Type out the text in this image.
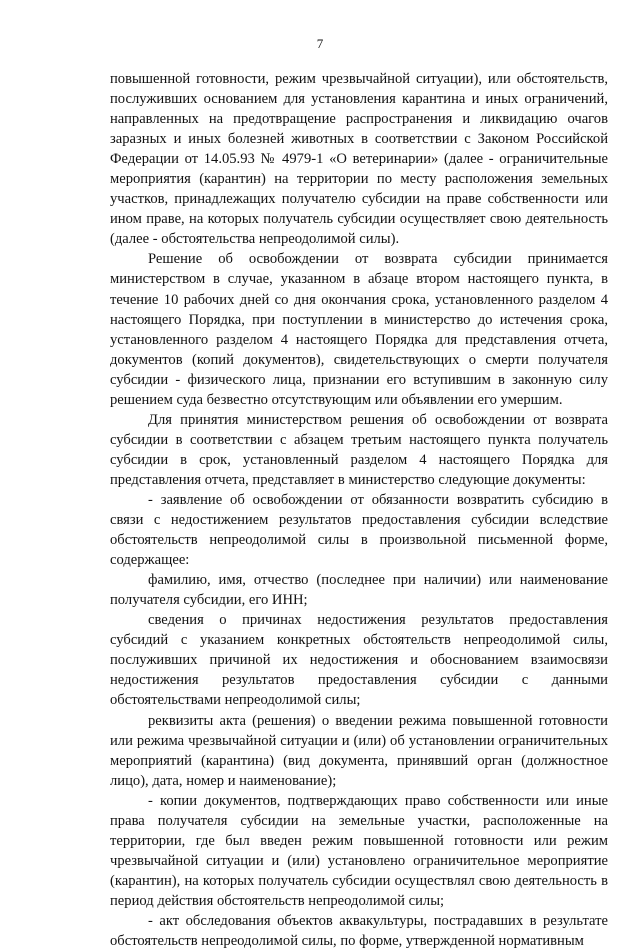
7

повышенной готовности, режим чрезвычайной ситуации), или обстоятельств, послуживших основанием для установления карантина и иных ограничений, направленных на предотвращение распространения и ликвидацию очагов заразных и иных болезней животных в соответствии с Законом Российской Федерации от 14.05.93 № 4979-1 «О ветеринарии» (далее - ограничительные мероприятия (карантин) на территории по месту расположения земельных участков, принадлежащих получателю субсидии на праве собственности или ином праве, на которых получатель субсидии осуществляет свою деятельность (далее - обстоятельства непреодолимой силы).

Решение об освобождении от возврата субсидии принимается министерством в случае, указанном в абзаце втором настоящего пункта, в течение 10 рабочих дней со дня окончания срока, установленного разделом 4 настоящего Порядка, при поступлении в министерство до истечения срока, установленного разделом 4 настоящего Порядка для представления отчета, документов (копий документов), свидетельствующих о смерти получателя субсидии - физического лица, признании его вступившим в законную силу решением суда безвестно отсутствующим или объявлении его умершим.

Для принятия министерством решения об освобождении от возврата субсидии в соответствии с абзацем третьим настоящего пункта получатель субсидии в срок, установленный разделом 4 настоящего Порядка для представления отчета, представляет в министерство следующие документы:

- заявление об освобождении от обязанности возвратить субсидию в связи с недостижением результатов предоставления субсидии вследствие обстоятельств непреодолимой силы в произвольной письменной форме, содержащее:

фамилию, имя, отчество (последнее при наличии) или наименование получателя субсидии, его ИНН;

сведения о причинах недостижения результатов предоставления субсидий с указанием конкретных обстоятельств непреодолимой силы, послуживших причиной их недостижения и обоснованием взаимосвязи недостижения результатов предоставления субсидии с данными обстоятельствами непреодолимой силы;

реквизиты акта (решения) о введении режима повышенной готовности или режима чрезвычайной ситуации и (или) об установлении ограничительных мероприятий (карантина) (вид документа, принявший орган (должностное лицо), дата, номер и наименование);

- копии документов, подтверждающих право собственности или иные права получателя субсидии на земельные участки, расположенные на территории, где был введен режим повышенной готовности или режим чрезвычайной ситуации и (или) установлено ограничительное мероприятие (карантин), на которых получатель субсидии осуществлял свою деятельность в период действия обстоятельств непреодолимой силы;

- акт обследования объектов аквакультуры, пострадавших в результате обстоятельств непреодолимой силы, по форме, утвержденной нормативным
